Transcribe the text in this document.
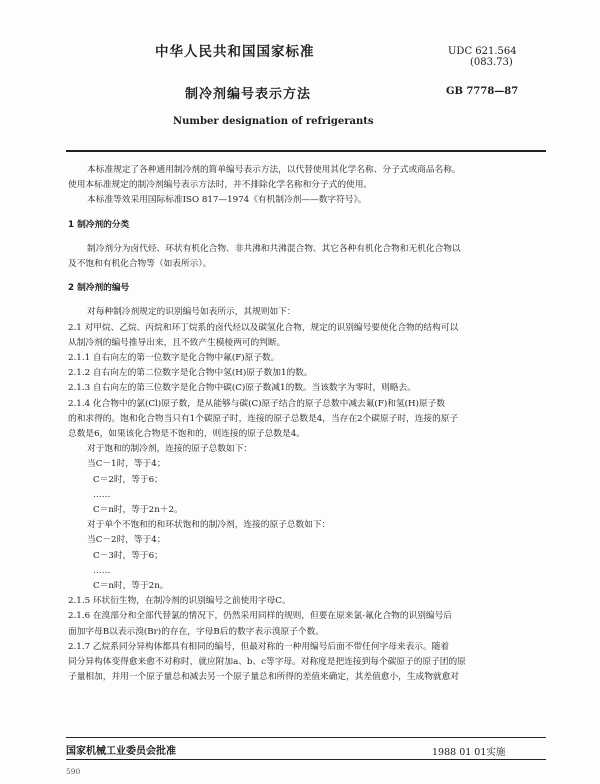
中华人民共和国国家标准	UDC 621.564
(083.73)
制冷剂编号表示方法	GB 7778—87
Number designation of refrigerants

本标准规定了各种通用制冷剂的简单编号表示方法，以代替使用其化学名称、分子式或商品名称。

使用本标准规定的制冷剂编号表示方法时，并不排除化学名称和分子式的使用。

本标准等效采用国际标准ISO 817—1974《有机制冷剂——数字符号》。

1 制冷剂的分类

制冷剂分为卤代烃、环状有机化合物、非共沸和共沸混合物、其它各种有机化合物和无机化合物以

及不饱和有机化合物等（如表所示）。

2 制冷剂的编号

对每种制冷剂规定的识别编号如表所示，其规则如下：

2.1 对甲烷、乙烷、丙烷和环丁烷系的卤代烃以及碳氢化合物，规定的识别编号要使化合物的结构可以

从制冷剂的编号推导出来，且不致产生模棱两可的判断。

2.1.1 自右向左的第一位数字是化合物中氟(F)原子数。

2.1.2 自右向左的第二位数字是化合物中氢(H)原子数加1的数。

2.1.3 自右向左的第三位数字是化合物中碳(C)原子数减1的数。当该数字为零时，则略去。

2.1.4 化合物中的氯(Cl)原子数，是从能够与碳(C)原子结合的原子总数中减去氟(F)和氢(H)原子数

的和求得的。饱和化合物当只有1个碳原子时，连接的原子总数是4，当存在2个碳原子时，连接的原子

总数是6，如果该化合物是不饱和的，则连接的原子总数是4。

对于饱和的制冷剂，连接的原子总数如下：

当C－1时，等于4；

C＝2时，等于6；

……

C＝n时，等于2n＋2。

对于单个不饱和的和环状饱和的制冷剂，连接的原子总数如下：

当C－2时，等于4；

C－3时，等于6；

……

C＝n时，等于2n。

2.1.5 环状衍生物，在制冷剂的识别编号之前使用字母C。

2.1.6 在溴部分和全部代替氯的情况下，仍然采用同样的规则，但要在原来氯-氟化合物的识别编号后

面加字母B以表示溴(Br)的存在，字母B后的数字表示溴原子个数。

2.1.7 乙烷系同分异构体都具有相同的编号，但最对称的一种用编号后面不带任何字母来表示。随着

同分异构体变得愈来愈不对称时，就应附加a、b、c等字母。对称度是把连接到每个碳原子的原子团的原

子量相加，并用一个原子量总和减去另一个原子量总和所得的差值来确定，其差值愈小，生成物就愈对

国家机械工业委员会批准	1988 01 01实施
590
